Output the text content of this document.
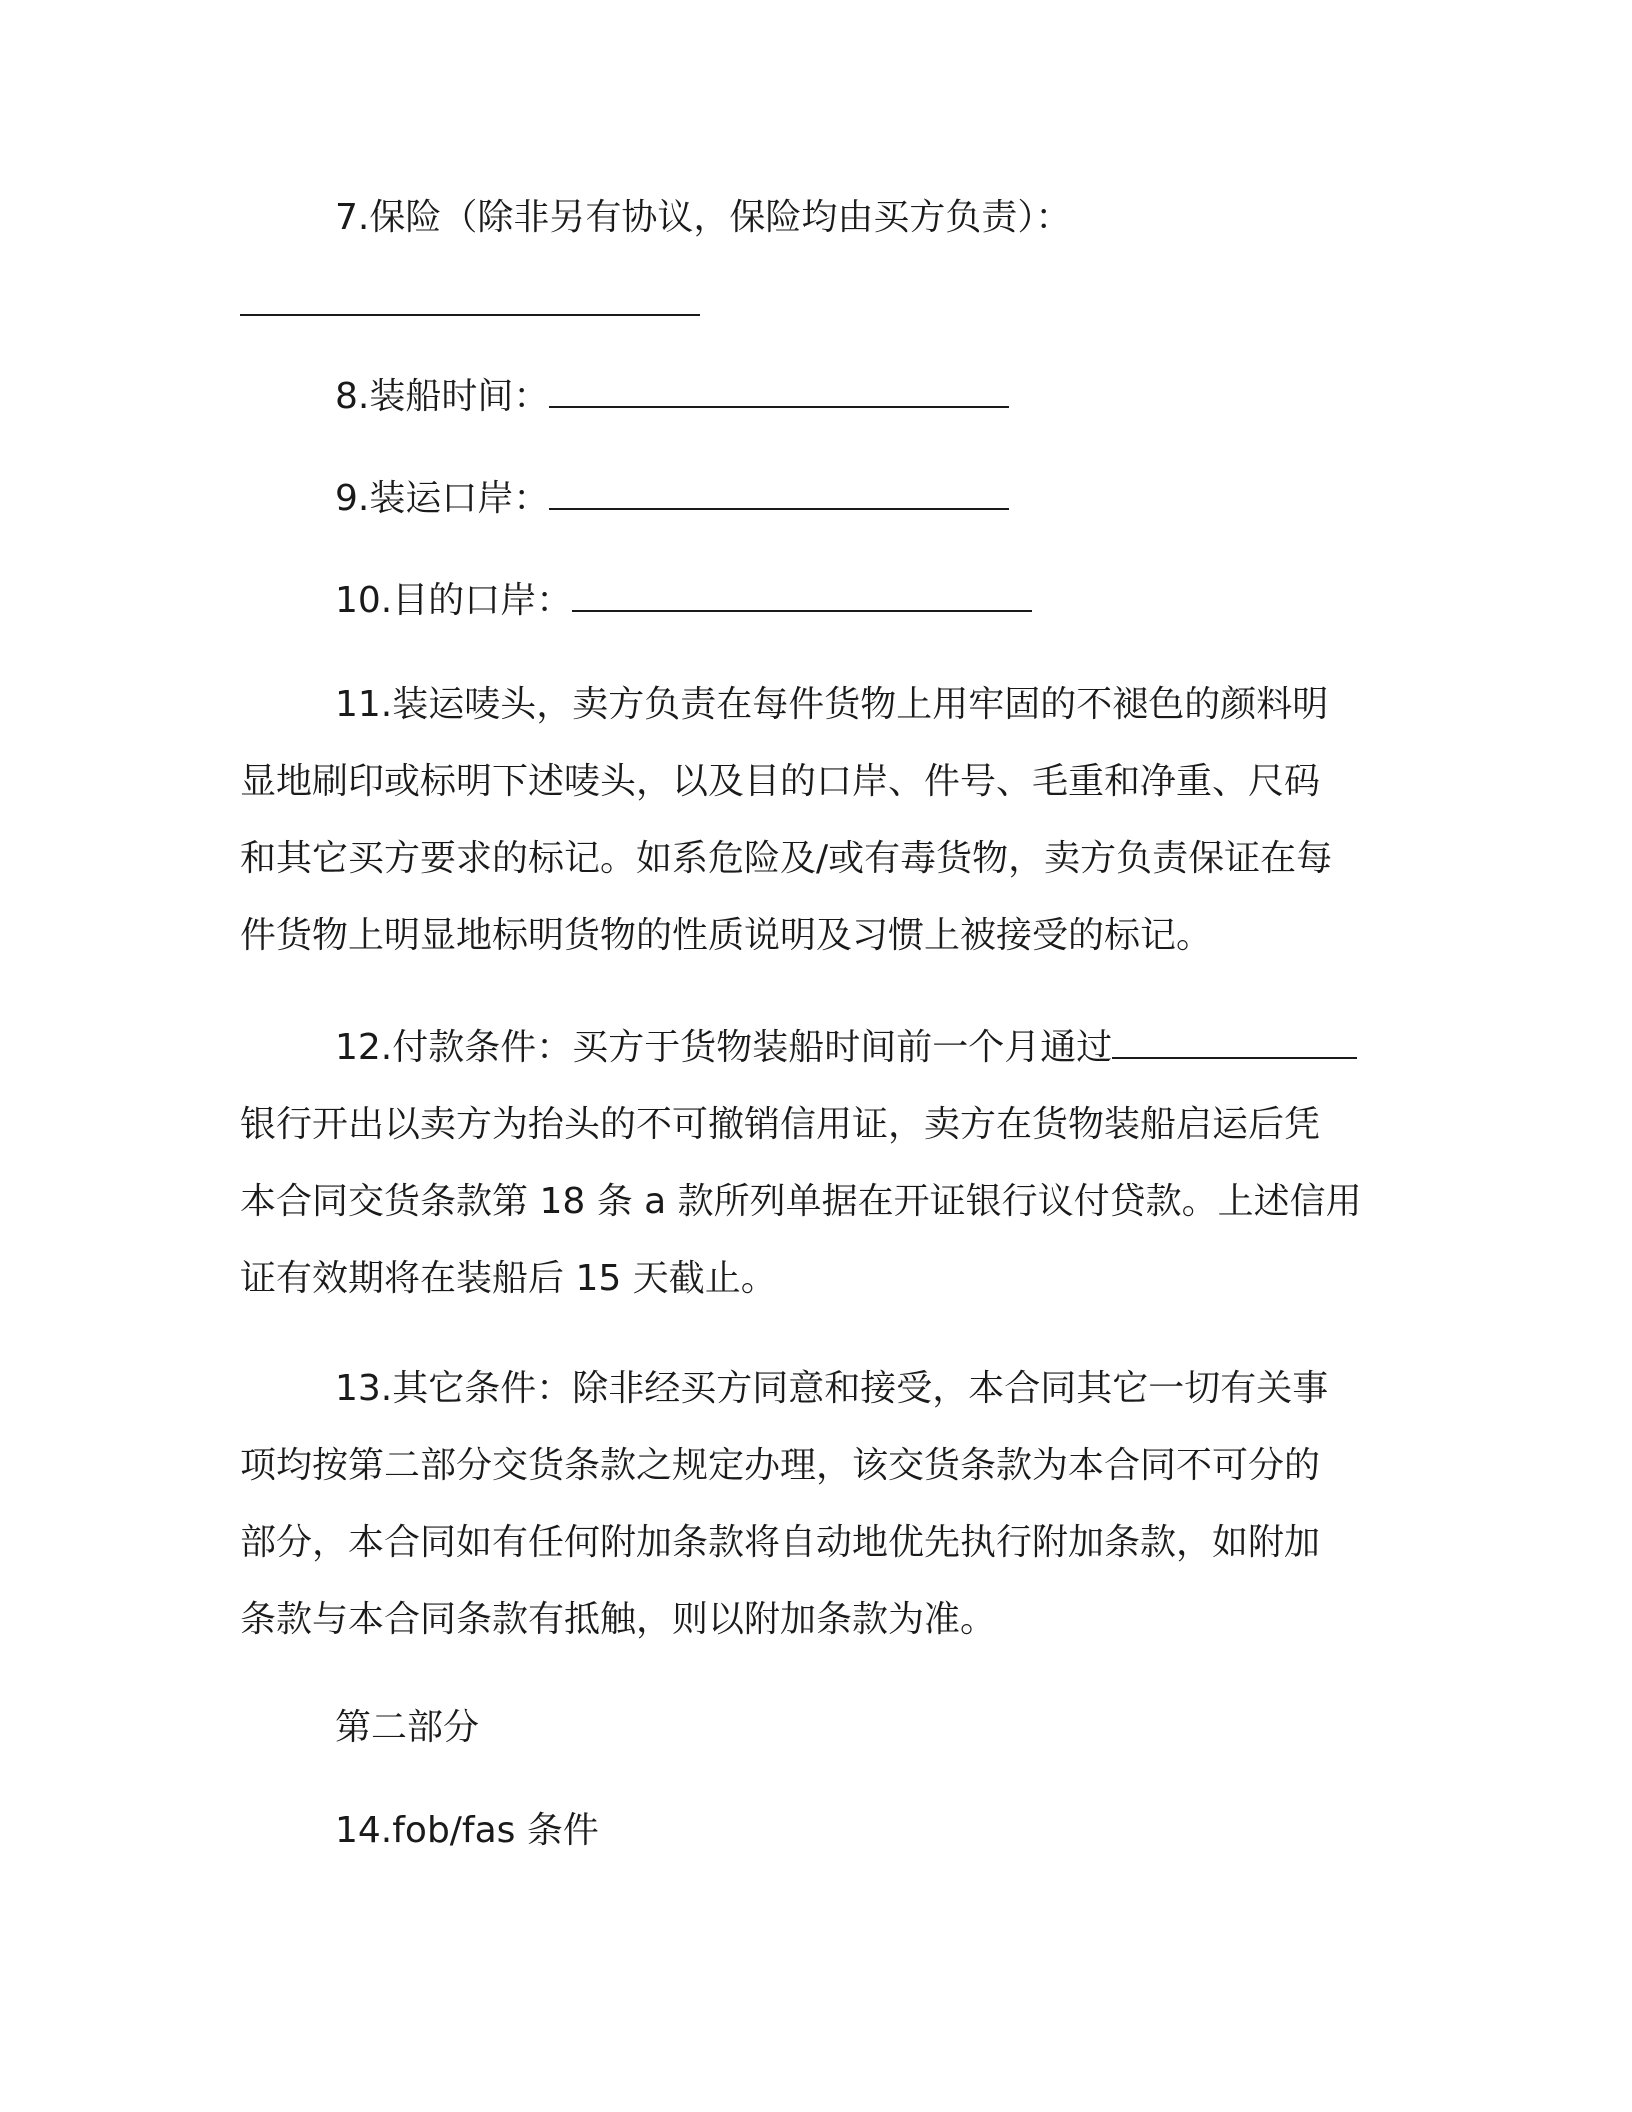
7.保险（除非另有协议，保险均由买方负责）：
8.装船时间：
9.装运口岸：
10.目的口岸：
11.装运唛头，卖方负责在每件货物上用牢固的不褪色的颜料明
显地刷印或标明下述唛头，以及目的口岸、件号、毛重和净重、尺码
和其它买方要求的标记。如系危险及/或有毒货物，卖方负责保证在每
件货物上明显地标明货物的性质说明及习惯上被接受的标记。
12.付款条件：买方于货物装船时间前一个月通过
银行开出以卖方为抬头的不可撤销信用证，卖方在货物装船启运后凭
本合同交货条款第 18 条 a 款所列单据在开证银行议付贷款。上述信用
证有效期将在装船后 15 天截止。
13.其它条件：除非经买方同意和接受，本合同其它一切有关事
项均按第二部分交货条款之规定办理，该交货条款为本合同不可分的
部分，本合同如有任何附加条款将自动地优先执行附加条款，如附加
条款与本合同条款有抵触，则以附加条款为准。
第二部分
14.fob/fas 条件
